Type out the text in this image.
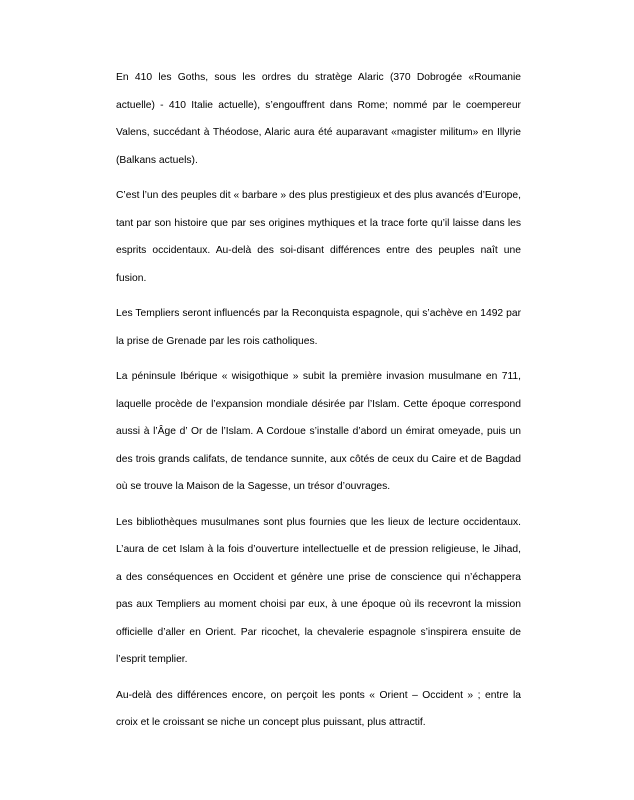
En 410 les Goths, sous les ordres du stratège Alaric (370 Dobrogée «Roumanie actuelle) - 410 Italie actuelle), s’engouffrent dans Rome; nommé par le coempereur Valens, succédant à Théodose, Alaric aura été auparavant «magister militum» en Illyrie (Balkans actuels).

C’est l’un des peuples dit « barbare » des plus prestigieux et des plus avancés d’Europe, tant par son histoire que par ses origines mythiques et la trace forte qu’il laisse dans les esprits occidentaux. Au-delà des soi-disant différences entre des peuples naît une fusion.

Les Templiers seront influencés par la Reconquista espagnole, qui s’achève en 1492 par la prise de Grenade par les rois catholiques.

La péninsule Ibérique « wisigothique » subit la première invasion musulmane en 711, laquelle procède de l’expansion mondiale désirée par l’Islam. Cette époque correspond aussi à l’Âge d’ Or de l’Islam. A Cordoue s’installe d’abord un émirat omeyade, puis un des trois grands califats, de tendance sunnite, aux côtés de ceux du Caire et de Bagdad où se trouve la Maison de la Sagesse, un trésor d’ouvrages.

Les bibliothèques musulmanes sont plus fournies que les lieux de lecture occidentaux. L’aura de cet Islam à la fois d’ouverture intellectuelle et de pression religieuse, le Jihad, a des conséquences en Occident et génère une prise de conscience qui n’échappera pas aux Templiers au moment choisi par eux, à une époque où ils recevront la mission officielle d’aller en Orient. Par ricochet, la chevalerie espagnole s’inspirera ensuite de l’esprit templier.

Au-delà des différences encore, on perçoit les ponts « Orient – Occident » ; entre la croix et le croissant se niche un concept plus puissant, plus attractif.
